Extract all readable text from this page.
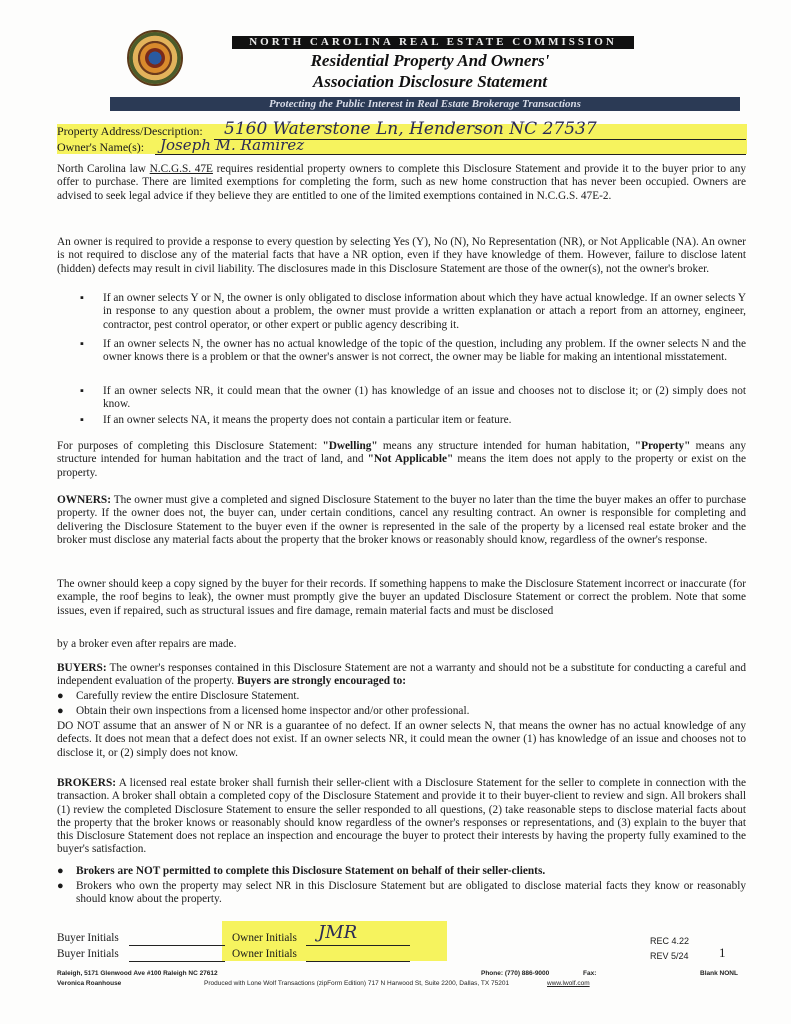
NORTH CAROLINA REAL ESTATE COMMISSION
Residential Property And Owners'
Association Disclosure Statement
Protecting the Public Interest in Real Estate Brokerage Transactions
Property Address/Description: 5160 Waterstone Ln, Henderson NC 27537
Owner's Name(s): Joseph M. Ramirez
North Carolina law N.C.G.S. 47E requires residential property owners to complete this Disclosure Statement and provide it to the buyer prior to any offer to purchase. There are limited exemptions for completing the form, such as new home construction that has never been occupied. Owners are advised to seek legal advice if they believe they are entitled to one of the limited exemptions contained in N.C.G.S. 47E-2.
An owner is required to provide a response to every question by selecting Yes (Y), No (N), No Representation (NR), or Not Applicable (NA). An owner is not required to disclose any of the material facts that have a NR option, even if they have knowledge of them. However, failure to disclose latent (hidden) defects may result in civil liability. The disclosures made in this Disclosure Statement are those of the owner(s), not the owner's broker.
▪ If an owner selects Y or N, the owner is only obligated to disclose information about which they have actual knowledge. If an owner selects Y in response to any question about a problem, the owner must provide a written explanation or attach a report from an attorney, engineer, contractor, pest control operator, or other expert or public agency describing it.
▪ If an owner selects N, the owner has no actual knowledge of the topic of the question, including any problem. If the owner selects N and the owner knows there is a problem or that the owner's answer is not correct, the owner may be liable for making an intentional misstatement.
▪ If an owner selects NR, it could mean that the owner (1) has knowledge of an issue and chooses not to disclose it; or (2) simply does not know.
▪ If an owner selects NA, it means the property does not contain a particular item or feature.
For purposes of completing this Disclosure Statement: "Dwelling" means any structure intended for human habitation, "Property" means any structure intended for human habitation and the tract of land, and "Not Applicable" means the item does not apply to the property or exist on the property.
OWNERS: The owner must give a completed and signed Disclosure Statement to the buyer no later than the time the buyer makes an offer to purchase property. If the owner does not, the buyer can, under certain conditions, cancel any resulting contract. An owner is responsible for completing and delivering the Disclosure Statement to the buyer even if the owner is represented in the sale of the property by a licensed real estate broker and the broker must disclose any material facts about the property that the broker knows or reasonably should know, regardless of the owner's response.
The owner should keep a copy signed by the buyer for their records. If something happens to make the Disclosure Statement incorrect or inaccurate (for example, the roof begins to leak), the owner must promptly give the buyer an updated Disclosure Statement or correct the problem. Note that some issues, even if repaired, such as structural issues and fire damage, remain material facts and must be disclosed
by a broker even after repairs are made.
BUYERS: The owner's responses contained in this Disclosure Statement are not a warranty and should not be a substitute for conducting a careful and independent evaluation of the property. Buyers are strongly encouraged to:
● Carefully review the entire Disclosure Statement.
● Obtain their own inspections from a licensed home inspector and/or other professional.
DO NOT assume that an answer of N or NR is a guarantee of no defect. If an owner selects N, that means the owner has no actual knowledge of any defects. It does not mean that a defect does not exist. If an owner selects NR, it could mean the owner (1) has knowledge of an issue and chooses not to disclose it, or (2) simply does not know.
BROKERS: A licensed real estate broker shall furnish their seller-client with a Disclosure Statement for the seller to complete in connection with the transaction. A broker shall obtain a completed copy of the Disclosure Statement and provide it to their buyer-client to review and sign. All brokers shall (1) review the completed Disclosure Statement to ensure the seller responded to all questions, (2) take reasonable steps to disclose material facts about the property that the broker knows or reasonably should know regardless of the owner's responses or representations, and (3) explain to the buyer that this Disclosure Statement does not replace an inspection and encourage the buyer to protect their interests by having the property fully examined to the buyer's satisfaction.
● Brokers are NOT permitted to complete this Disclosure Statement on behalf of their seller-clients.
● Brokers who own the property may select NR in this Disclosure Statement but are obligated to disclose material facts they know or reasonably should know about the property.
Buyer Initials
Buyer Initials
Owner Initials JMR
Owner Initials
REC 4.22
REV 5/24 1
Raleigh, 5171 Glenwood Ave #100 Raleigh NC 27612
Veronica Roanhouse
Phone: (770) 886-9000	Fax:	Blank NONL
Produced with Lone Wolf Transactions (zipForm Edition) 717 N Harwood St, Suite 2200, Dallas, TX 75201	www.lwolf.com
